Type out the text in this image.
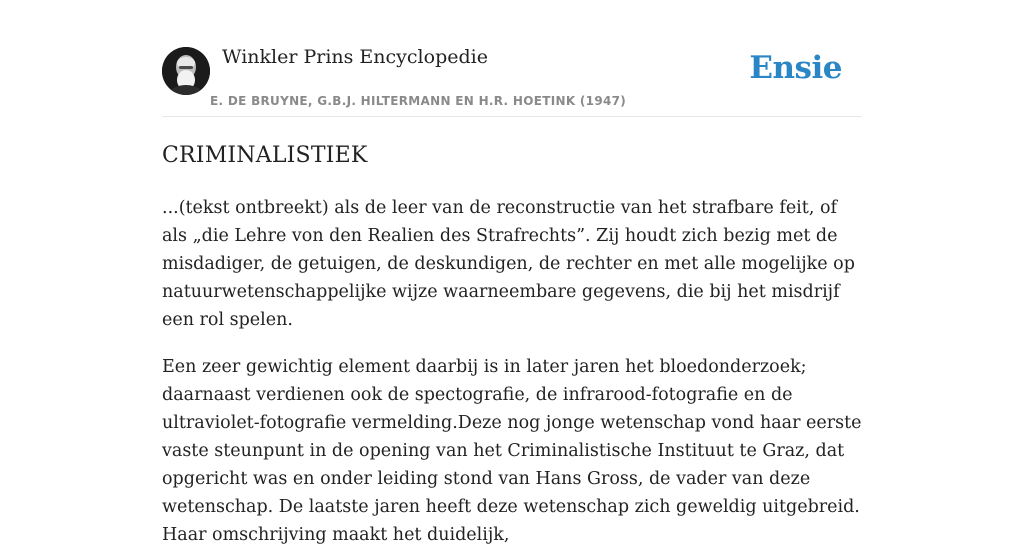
Winkler Prins Encyclopedie
E. DE BRUYNE, G.B.J. HILTERMANN EN H.R. HOETINK (1947)
Ensie
CRIMINALISTIEK

...(tekst ontbreekt) als de leer van de reconstructie van het strafbare feit, of als „die Lehre von den Realien des Strafrechts”. Zij houdt zich bezig met de misdadiger, de getuigen, de deskundigen, de rechter en met alle mogelijke op natuurwetenschappelijke wijze waarneembare gegevens, die bij het misdrijf een rol spelen.

Een zeer gewichtig element daarbij is in later jaren het bloedonderzoek; daarnaast verdienen ook de spectografie, de infrarood-fotografie en de ultraviolet-fotografie vermelding.Deze nog jonge wetenschap vond haar eerste vaste steunpunt in de opening van het Criminalistische Instituut te Graz, dat opgericht was en onder leiding stond van Hans Gross, de vader van deze wetenschap. De laatste jaren heeft deze wetenschap zich geweldig uitgebreid. Haar omschrijving maakt het duidelijk,
